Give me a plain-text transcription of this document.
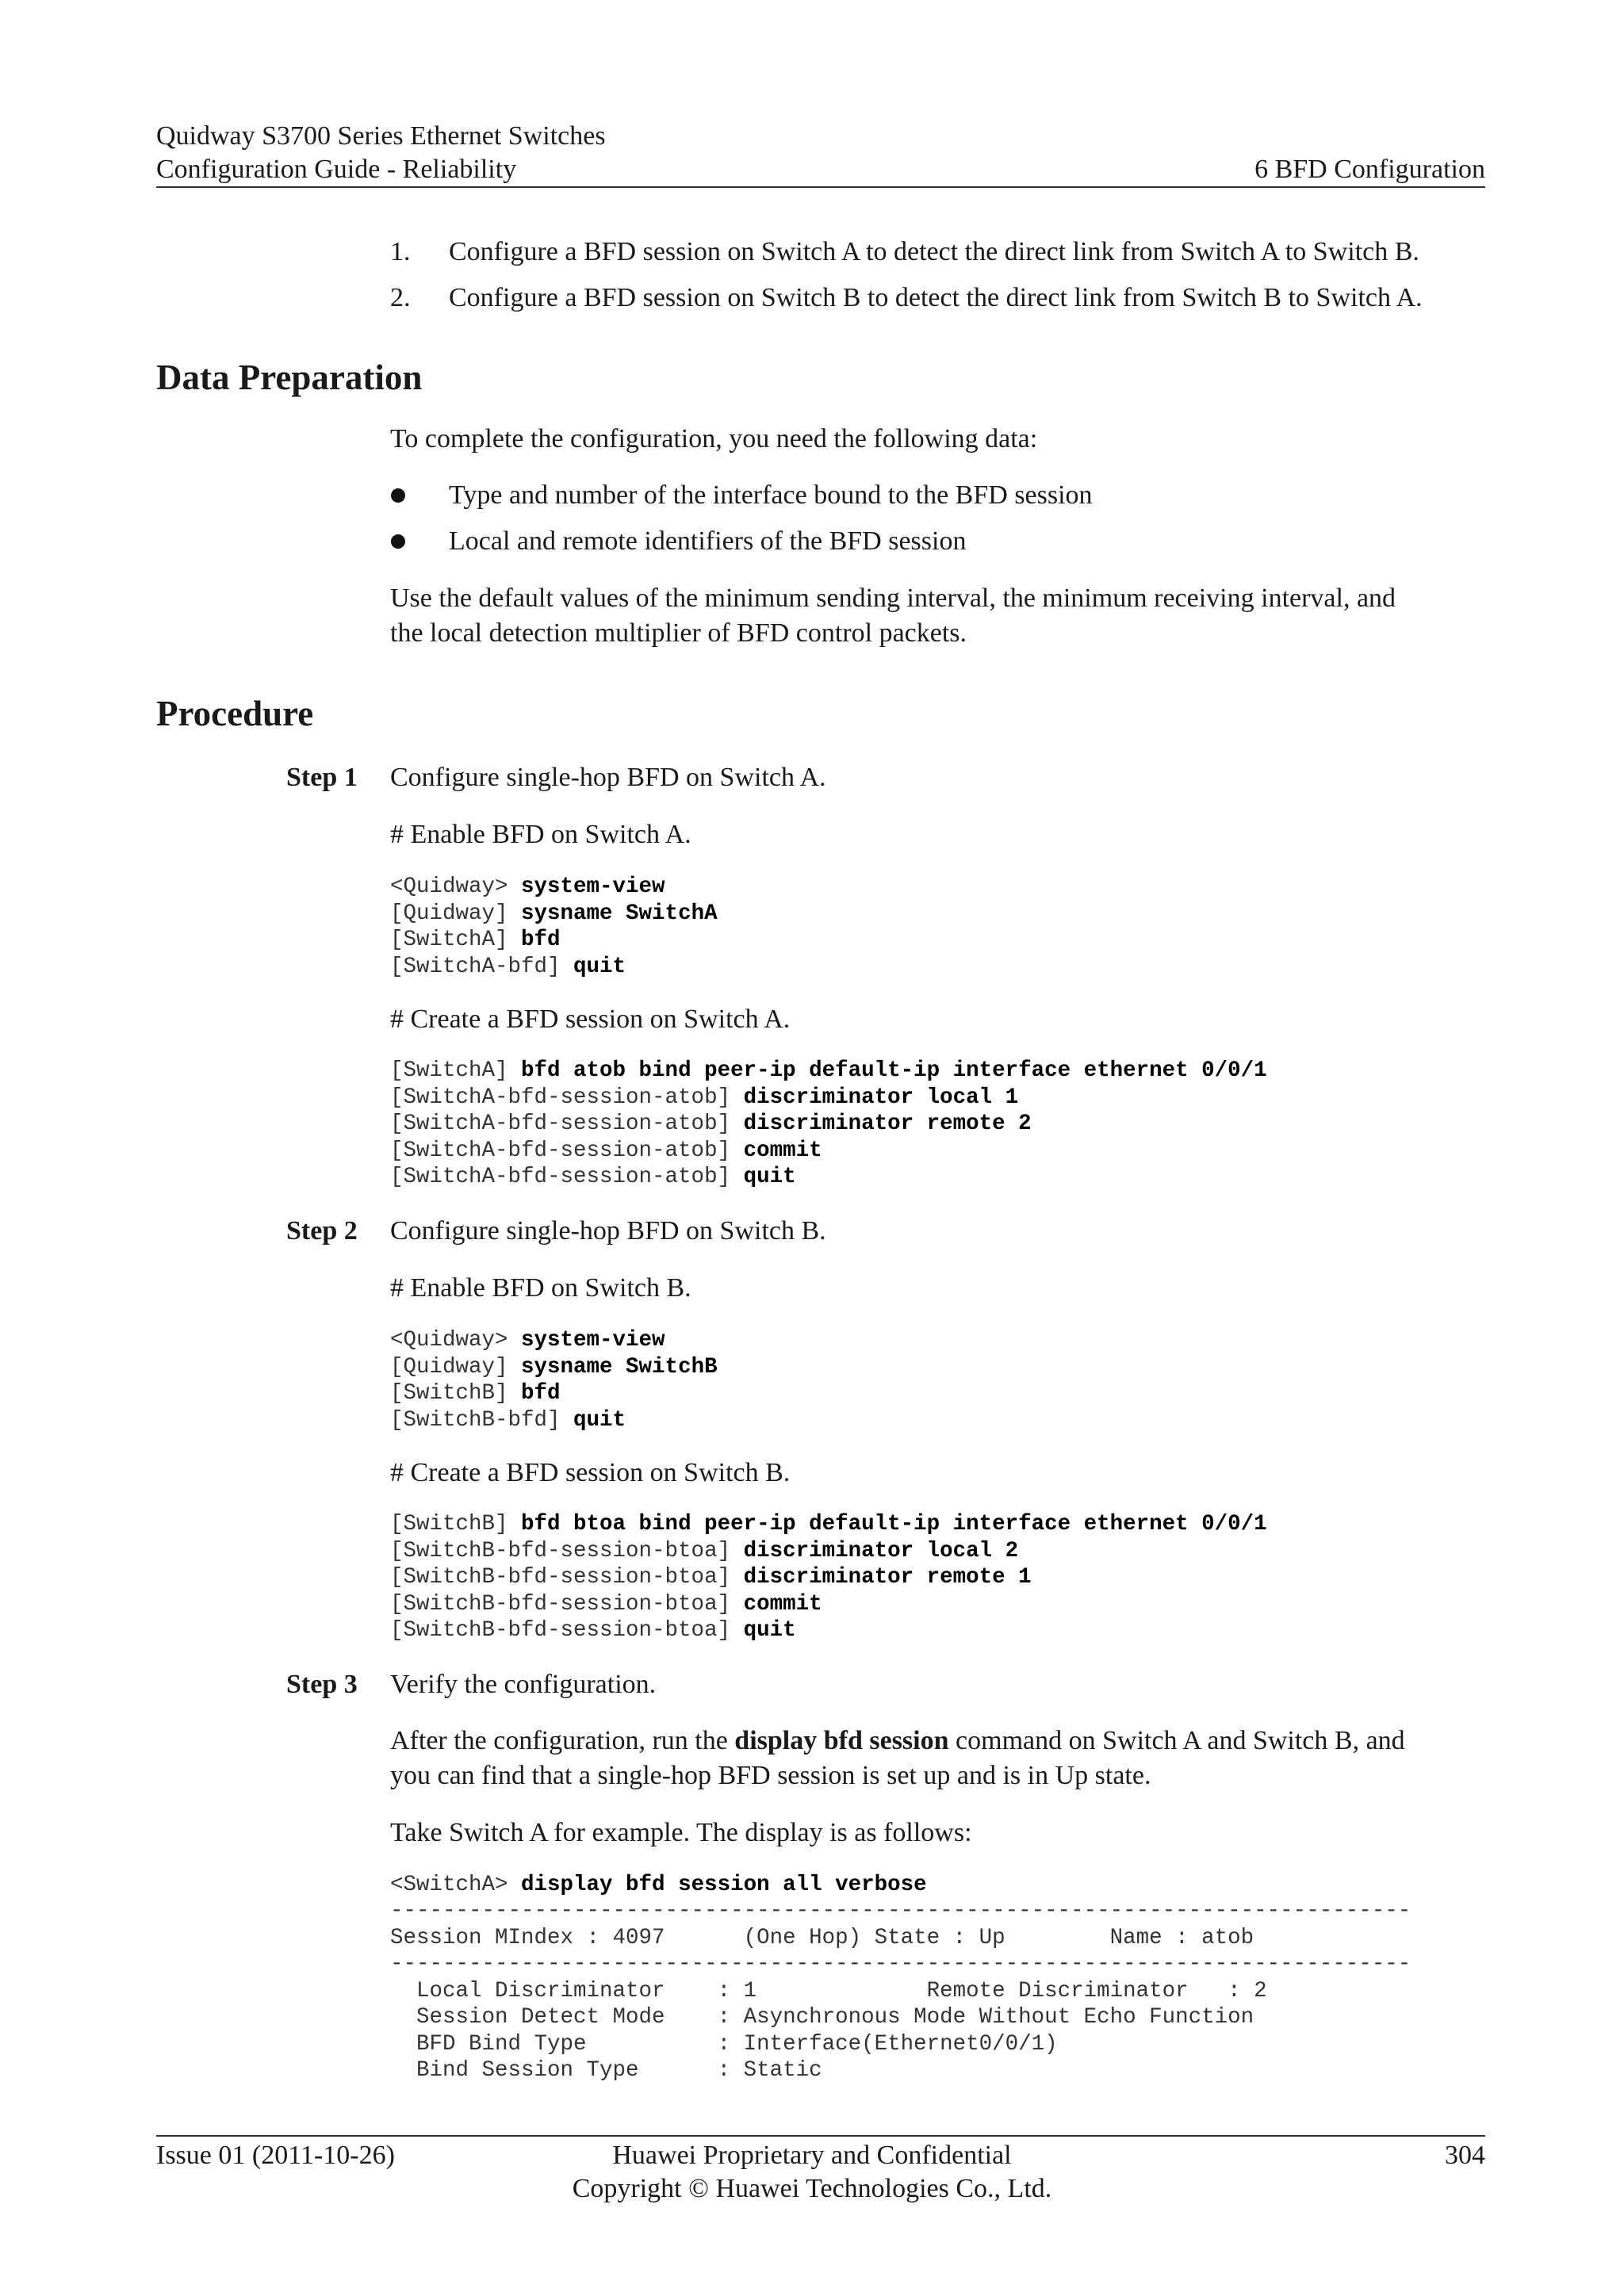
Quidway S3700 Series Ethernet Switches
Configuration Guide - Reliability	6 BFD Configuration
1. Configure a BFD session on Switch A to detect the direct link from Switch A to Switch B.
2. Configure a BFD session on Switch B to detect the direct link from Switch B to Switch A.
Data Preparation
To complete the configuration, you need the following data:
Type and number of the interface bound to the BFD session
Local and remote identifiers of the BFD session
Use the default values of the minimum sending interval, the minimum receiving interval, and
the local detection multiplier of BFD control packets.
Procedure
Step 1 Configure single-hop BFD on Switch A.
# Enable BFD on Switch A.
<Quidway> system-view
[Quidway] sysname SwitchA
[SwitchA] bfd
[SwitchA-bfd] quit
# Create a BFD session on Switch A.
[SwitchA] bfd atob bind peer-ip default-ip interface ethernet 0/0/1
[SwitchA-bfd-session-atob] discriminator local 1
[SwitchA-bfd-session-atob] discriminator remote 2
[SwitchA-bfd-session-atob] commit
[SwitchA-bfd-session-atob] quit
Step 2 Configure single-hop BFD on Switch B.
# Enable BFD on Switch B.
<Quidway> system-view
[Quidway] sysname SwitchB
[SwitchB] bfd
[SwitchB-bfd] quit
# Create a BFD session on Switch B.
[SwitchB] bfd btoa bind peer-ip default-ip interface ethernet 0/0/1
[SwitchB-bfd-session-btoa] discriminator local 2
[SwitchB-bfd-session-btoa] discriminator remote 1
[SwitchB-bfd-session-btoa] commit
[SwitchB-bfd-session-btoa] quit
Step 3 Verify the configuration.
After the configuration, run the display bfd session command on Switch A and Switch B, and
you can find that a single-hop BFD session is set up and is in Up state.
Take Switch A for example. The display is as follows:
<SwitchA> display bfd session all verbose
------------------------------------------------------------------------------
Session MIndex : 4097      (One Hop) State : Up        Name : atob
------------------------------------------------------------------------------
Local Discriminator    : 1             Remote Discriminator   : 2
Session Detect Mode    : Asynchronous Mode Without Echo Function
BFD Bind Type          : Interface(Ethernet0/0/1)
Bind Session Type      : Static
Issue 01 (2011-10-26)	Huawei Proprietary and Confidential
Copyright © Huawei Technologies Co., Ltd.
304
